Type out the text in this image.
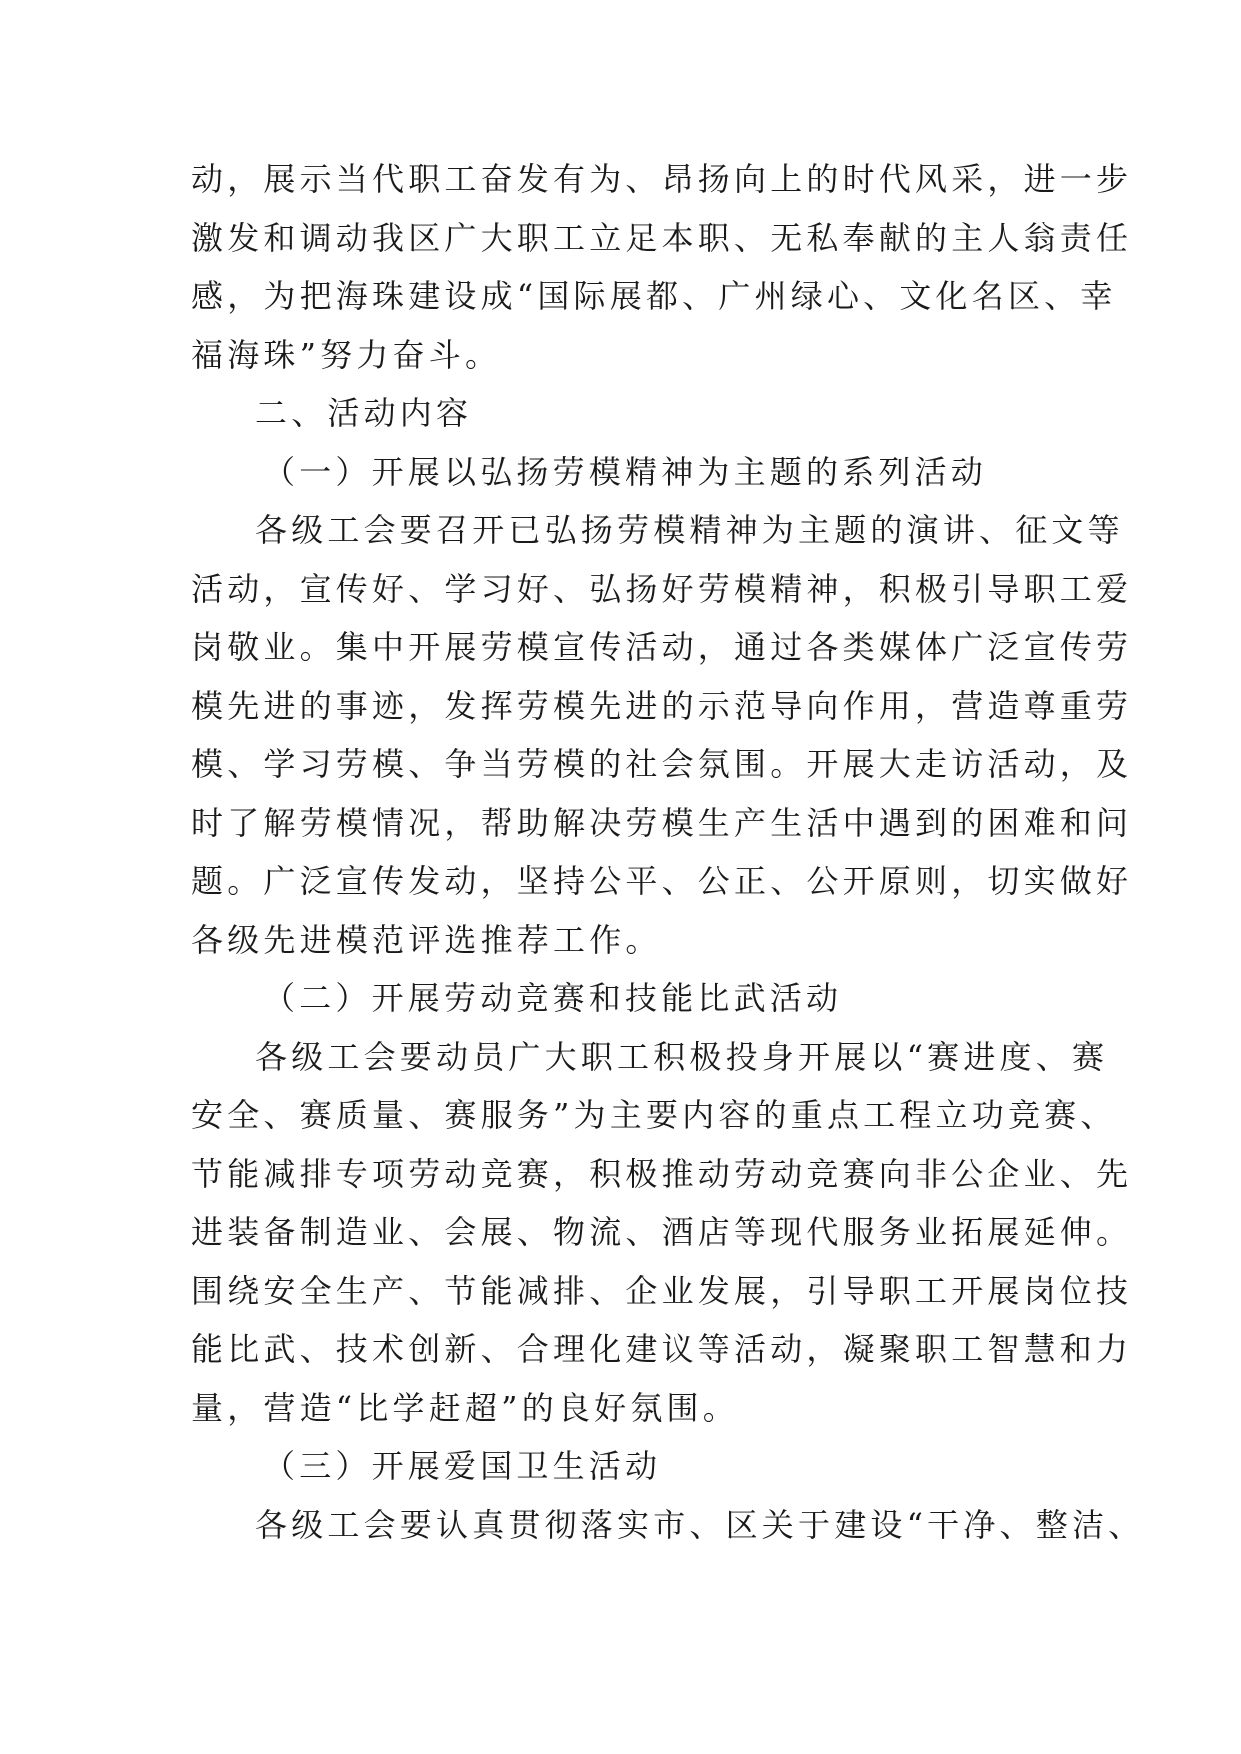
动，展示当代职工奋发有为、昂扬向上的时代风采，进一步
激发和调动我区广大职工立足本职、无私奉献的主人翁责任
感，为把海珠建设成“国际展都、广州绿心、文化名区、幸
福海珠”努力奋斗。
二、活动内容
（一）开展以弘扬劳模精神为主题的系列活动
各级工会要召开已弘扬劳模精神为主题的演讲、征文等
活动，宣传好、学习好、弘扬好劳模精神，积极引导职工爱
岗敬业。集中开展劳模宣传活动，通过各类媒体广泛宣传劳
模先进的事迹，发挥劳模先进的示范导向作用，营造尊重劳
模、学习劳模、争当劳模的社会氛围。开展大走访活动，及
时了解劳模情况，帮助解决劳模生产生活中遇到的困难和问
题。广泛宣传发动，坚持公平、公正、公开原则，切实做好
各级先进模范评选推荐工作。
（二）开展劳动竞赛和技能比武活动
各级工会要动员广大职工积极投身开展以“赛进度、赛
安全、赛质量、赛服务”为主要内容的重点工程立功竞赛、
节能减排专项劳动竞赛，积极推动劳动竞赛向非公企业、先
进装备制造业、会展、物流、酒店等现代服务业拓展延伸。
围绕安全生产、节能减排、企业发展，引导职工开展岗位技
能比武、技术创新、合理化建议等活动，凝聚职工智慧和力
量，营造“比学赶超”的良好氛围。
（三）开展爱国卫生活动
各级工会要认真贯彻落实市、区关于建设“干净、整洁、
